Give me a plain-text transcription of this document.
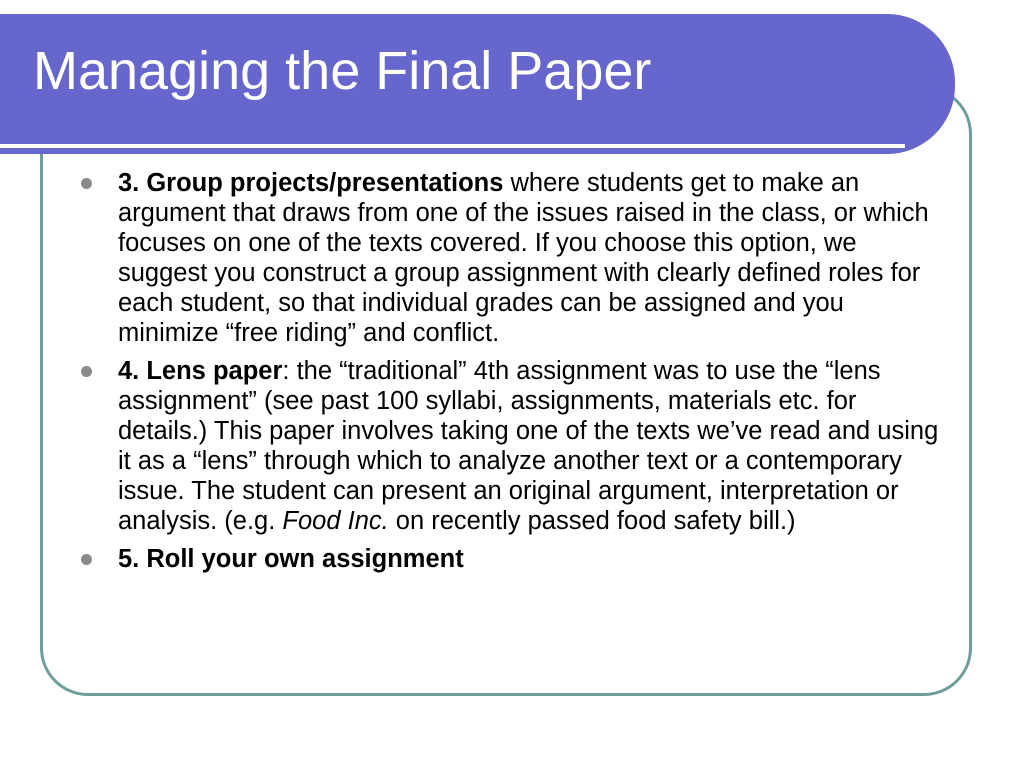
Managing the Final Paper
3. Group projects/presentations where students get to make an argument that draws from one of the issues raised in the class, or which focuses on one of the texts covered. If you choose this option, we suggest you construct a group assignment with clearly defined roles for each student, so that individual grades can be assigned and you minimize “free riding” and conflict.
4. Lens paper: the “traditional” 4th assignment was to use the “lens assignment” (see past 100 syllabi, assignments, materials etc. for details.) This paper involves taking one of the texts we’ve read and using it as a “lens” through which to analyze another text or a contemporary issue. The student can present an original argument, interpretation or analysis. (e.g. Food Inc. on recently passed food safety bill.)
5. Roll your own assignment
